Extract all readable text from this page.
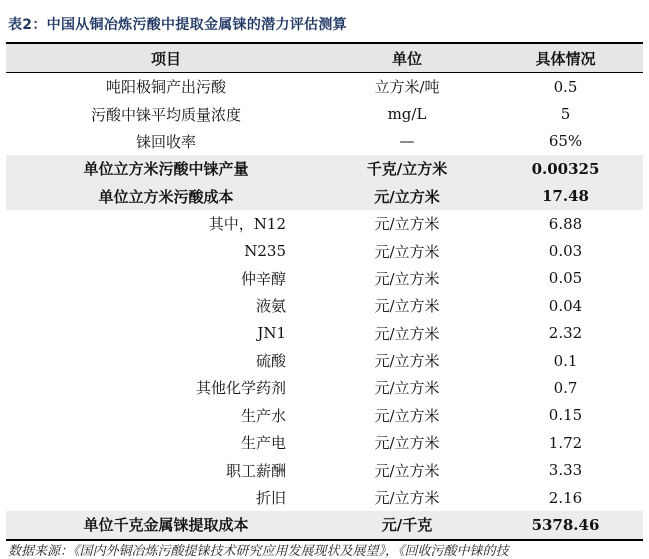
表2：中国从铜冶炼污酸中提取金属铼的潜力评估测算
项目	单位	具体情况
吨阳极铜产出污酸	立方米/吨	0.5
污酸中铼平均质量浓度	mg/L	5
铼回收率	—	65%
单位立方米污酸中铼产量	千克/立方米	0.00325
单位立方米污酸成本	元/立方米	17.48
其中，N12	元/立方米	6.88
N235	元/立方米	0.03
仲辛醇	元/立方米	0.05
液氨	元/立方米	0.04
JN1	元/立方米	2.32
硫酸	元/立方米	0.1
其他化学药剂	元/立方米	0.7
生产水	元/立方米	0.15
生产电	元/立方米	1.72
职工薪酬	元/立方米	3.33
折旧	元/立方米	2.16
单位千克金属铼提取成本	元/千克	5378.46
数据来源：《国内外铜冶炼污酸提铼技术研究应用发展现状及展望》，《回收污酸中铼的技
